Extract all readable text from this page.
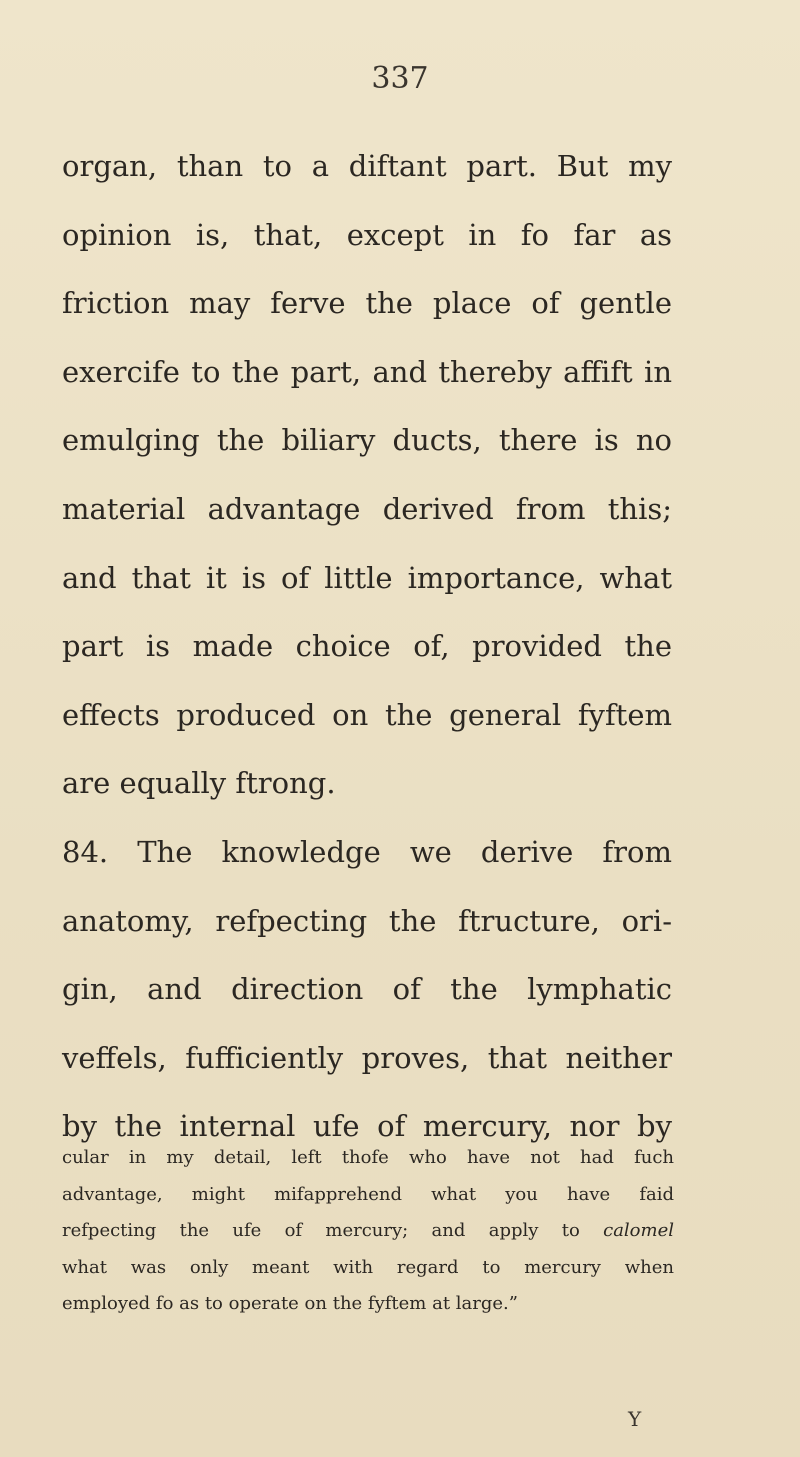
337
organ, than to a diftant part. But my
opinion is, that, except in fo far as
friction may ferve the place of gentle
exercife to the part, and thereby affift in
emulging the biliary ducts, there is no
material advantage derived from this;
and that it is of little importance, what
part is made choice of, provided the
effects produced on the general fyftem
are equally ftrong.
84. The knowledge we derive from
anatomy, refpecting the ftructure, ori-
gin, and direction of the lymphatic
veffels, fufficiently proves, that neither
by the internal ufe of mercury, nor by
cular in my detail, left thofe who have not had fuch
advantage, might mifapprehend what you have faid
refpecting the ufe of mercury; and apply to calomel
what was only meant with regard to mercury when
employed fo as to operate on the fyftem at large.”
Y
